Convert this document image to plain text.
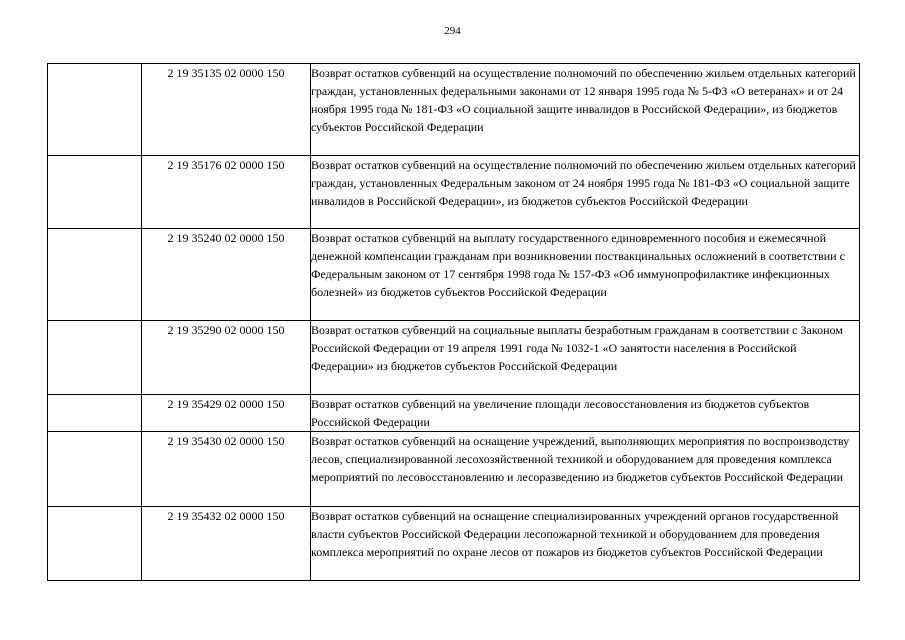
294
	2 19 35135 02 0000 150	Возврат остатков субвенций на осуществление полномочий по обеспечению жильем отдельных категорий граждан, установленных федеральными законами от 12 января 1995 года № 5-ФЗ «О ветеранах» и от 24 ноября 1995 года № 181-ФЗ «О социальной защите инвалидов в Российской Федерации», из бюджетов субъектов Российской Федерации
	2 19 35176 02 0000 150	Возврат остатков субвенций на осуществление полномочий по обеспечению жильем отдельных категорий граждан, установленных Федеральным законом от 24 ноября 1995 года № 181-ФЗ «О социальной защите инвалидов в Российской Федерации», из бюджетов субъектов Российской Федерации
	2 19 35240 02 0000 150	Возврат остатков субвенций на выплату государственного единовременного пособия и ежемесячной денежной компенсации гражданам при возникновении поствакцинальных осложнений в соответствии с Федеральным законом от 17 сентября 1998 года № 157-ФЗ «Об иммунопрофилактике инфекционных болезней» из бюджетов субъектов Российской Федерации
	2 19 35290 02 0000 150	Возврат остатков субвенций на социальные выплаты безработным гражданам в соответствии с Законом Российской Федерации от 19 апреля 1991 года № 1032-1 «О занятости населения в Российской Федерации» из бюджетов субъектов Российской Федерации
	2 19 35429 02 0000 150	Возврат остатков субвенций на увеличение площади лесовосстановления из бюджетов субъектов Российской Федерации
	2 19 35430 02 0000 150	Возврат остатков субвенций на оснащение учреждений, выполняющих мероприятия по воспроизводству лесов, специализированной лесохозяйственной техникой и оборудованием для проведения комплекса мероприятий по лесовосстановлению и лесоразведению из бюджетов субъектов Российской Федерации
	2 19 35432 02 0000 150	Возврат остатков субвенций на оснащение специализированных учреждений органов государственной власти субъектов Российской Федерации лесопожарной техникой и оборудованием для проведения комплекса мероприятий по охране лесов от пожаров из бюджетов субъектов Российской Федерации
